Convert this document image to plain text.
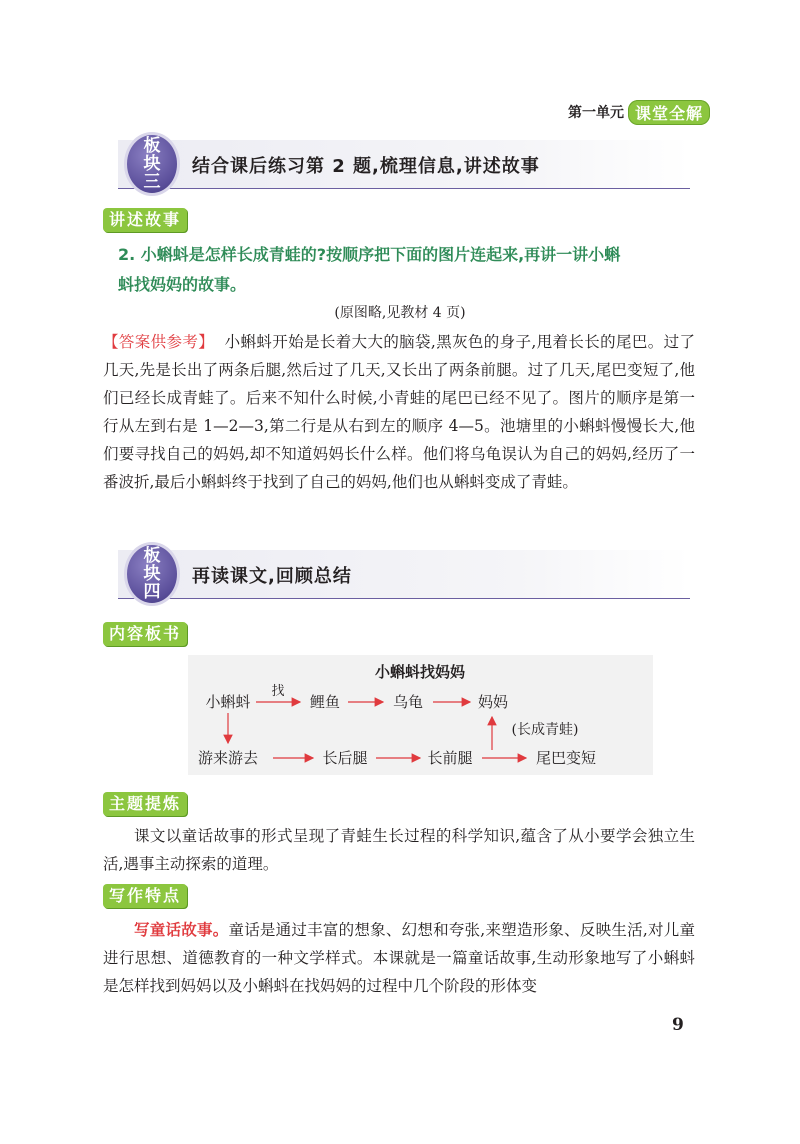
第一单元 课堂全解
板
块
三
结合课后练习第 2 题,梳理信息,讲述故事
讲述故事
2. 小蝌蚪是怎样长成青蛙的?按顺序把下面的图片连起来,再讲一讲小蝌
蚪找妈妈的故事。
(原图略,见教材 4 页)
【答案供参考】 小蝌蚪开始是长着大大的脑袋,黑灰色的身子,甩着长长的尾巴。过了几天,先是长出了两条后腿,然后过了几天,又长出了两条前腿。过了几天,尾巴变短了,他们已经长成青蛙了。后来不知什么时候,小青蛙的尾巴已经不见了。图片的顺序是第一行从左到右是 1—2—3,第二行是从右到左的顺序 4—5。池塘里的小蝌蚪慢慢长大,他们要寻找自己的妈妈,却不知道妈妈长什么样。他们将乌龟误认为自己的妈妈,经历了一番波折,最后小蝌蚪终于找到了自己的妈妈,他们也从蝌蚪变成了青蛙。
板
块
四
再读课文,回顾总结
内容板书
小蝌蚪找妈妈
小蝌蚪
找
鲤鱼	乌龟	妈妈
(长成青蛙)
游来游去	长后腿	长前腿	尾巴变短
主题提炼
课文以童话故事的形式呈现了青蛙生长过程的科学知识,蕴含了从小要学会独立生活,遇事主动探索的道理。
写作特点
写童话故事。童话是通过丰富的想象、幻想和夸张,来塑造形象、反映生活,对儿童进行思想、道德教育的一种文学样式。本课就是一篇童话故事,生动形象地写了小蝌蚪是怎样找到妈妈以及小蝌蚪在找妈妈的过程中几个阶段的形体变
9
